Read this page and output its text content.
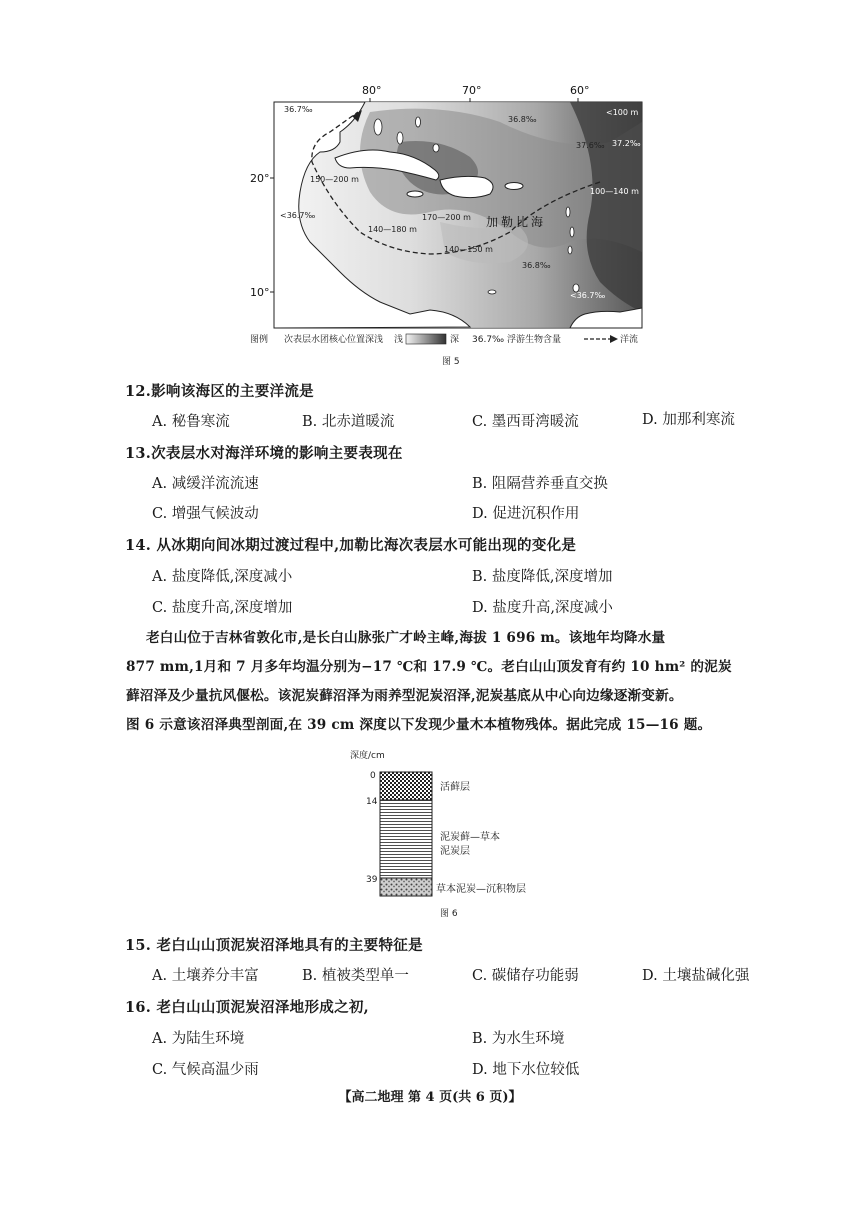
80°	70°	60°
20°
10°
36.7‰	<100 m
36.8‰
37.6‰ 37.2‰
150—200 m
100—140 m
<36.7‰	170—200 m 加勒比海
140—180 m
140—150 m
36.8‰
<36.7‰
图例 次表层水团核心位置深浅 浅	深 36.7‰ 浮游生物含量	洋流
图 5
12.影响该海区的主要洋流是
A. 秘鲁寒流	B. 北赤道暖流	C. 墨西哥湾暖流	D. 加那利寒流
13.次表层水对海洋环境的影响主要表现在
A. 减缓洋流流速	B. 阻隔营养垂直交换
C. 增强气候波动	D. 促进沉积作用
14. 从冰期向间冰期过渡过程中,加勒比海次表层水可能出现的变化是
A. 盐度降低,深度减小	B. 盐度降低,深度增加
C. 盐度升高,深度增加	D. 盐度升高,深度减小
老白山位于吉林省敦化市,是长白山脉张广才岭主峰,海拔 1 696 m。该地年均降水量
877 mm,1月和 7 月多年均温分别为−17 ℃和 17.9 ℃。老白山山顶发育有约 10 hm² 的泥炭
藓沼泽及少量抗风偃松。该泥炭藓沼泽为雨养型泥炭沼泽,泥炭基底从中心向边缘逐渐变新。
图 6 示意该沼泽典型剖面,在 39 cm 深度以下发现少量木本植物残体。据此完成 15—16 题。
深度/cm
0
14
39
活藓层
泥炭藓—草本
泥炭层
草本泥炭—沉积物层
图 6
15. 老白山山顶泥炭沼泽地具有的主要特征是
A. 土壤养分丰富	B. 植被类型单一	C. 碳储存功能弱	D. 土壤盐碱化强
16. 老白山山顶泥炭沼泽地形成之初,
A. 为陆生环境	B. 为水生环境
C. 气候高温少雨	D. 地下水位较低
【高二地理 第 4 页(共 6 页)】
